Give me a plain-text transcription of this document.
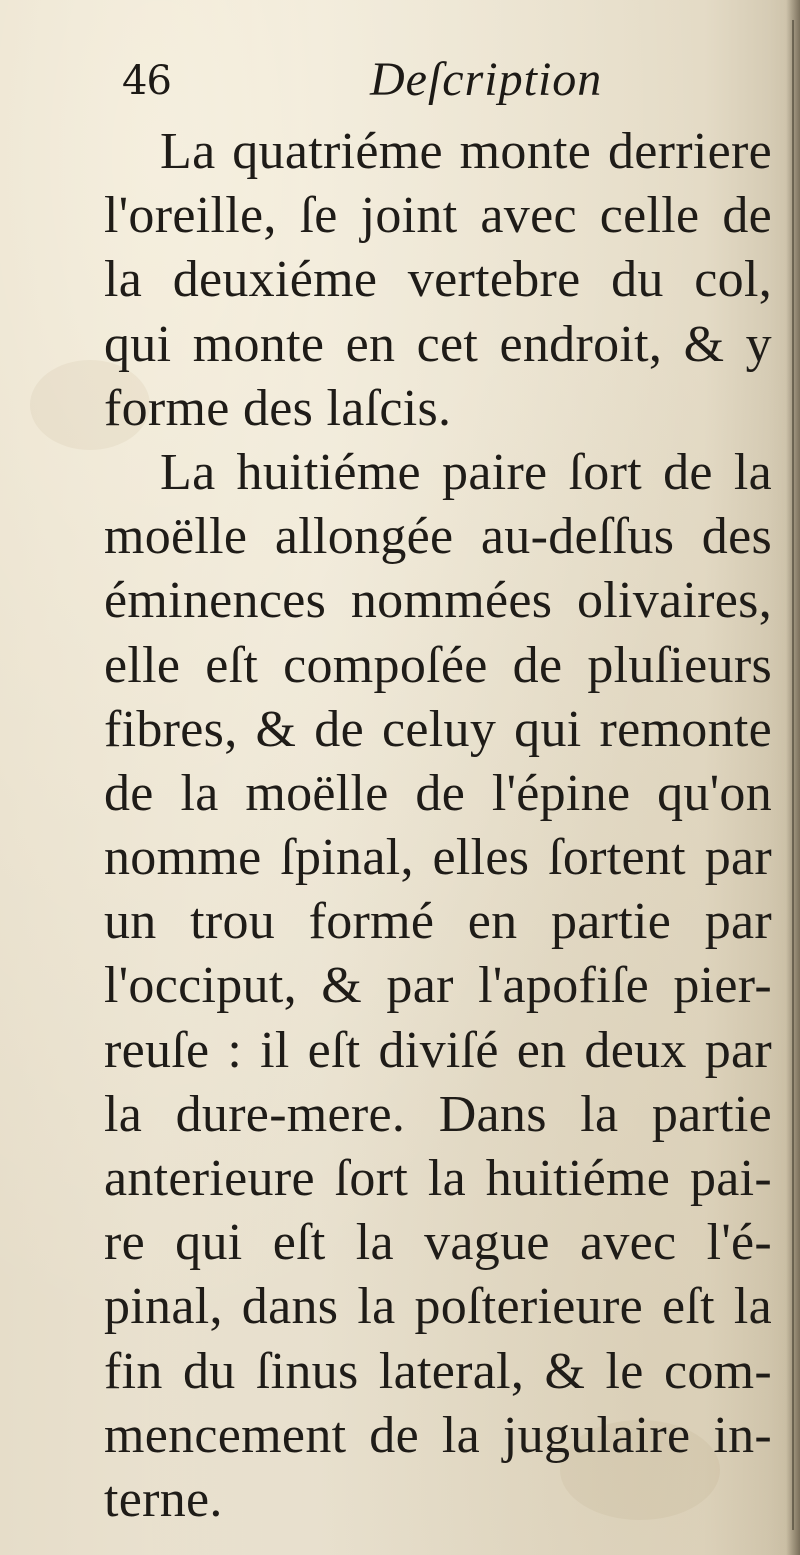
46	Deſcription
La quatriéme monte derriere
l'oreille, ſe joint avec celle de
la deuxiéme vertebre du col,
qui monte en cet endroit, & y
forme des laſcis.
La huitiéme paire ſort de la
moëlle allongée au-deſſus des
éminences nommées olivaires,
elle eſt compoſée de pluſieurs
fibres, & de celuy qui remonte
de la moëlle de l'épine qu'on
nomme ſpinal, elles ſortent par
un trou formé en partie par
l'occiput, & par l'apofiſe pier-
reuſe : il eſt diviſé en deux par
la dure-mere. Dans la partie
anterieure ſort la huitiéme pai-
re qui eſt la vague avec l'é-
pinal, dans la poſterieure eſt la
fin du ſinus lateral, & le com-
mencement de la jugulaire in-
terne.
